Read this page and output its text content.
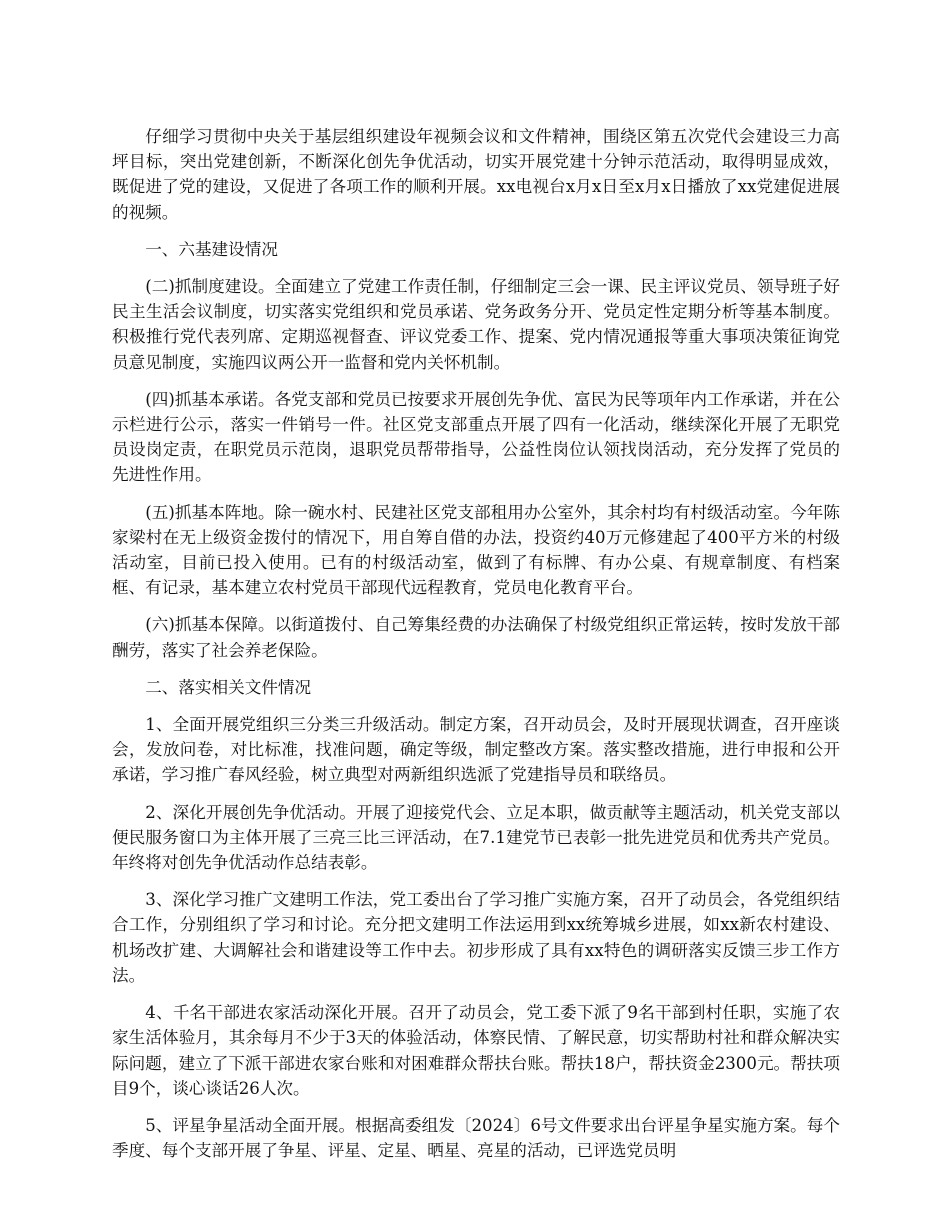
仔细学习贯彻中央关于基层组织建设年视频会议和文件精神，围绕区第五次党代会建设三力高坪目标，突出党建创新，不断深化创先争优活动，切实开展党建十分钟示范活动，取得明显成效，既促进了党的建设，又促进了各项工作的顺利开展。xx电视台x月x日至x月x日播放了xx党建促进展的视频。

一、六基建设情况

(二)抓制度建设。全面建立了党建工作责任制，仔细制定三会一课、民主评议党员、领导班子好民主生活会议制度，切实落实党组织和党员承诺、党务政务分开、党员定性定期分析等基本制度。积极推行党代表列席、定期巡视督查、评议党委工作、提案、党内情况通报等重大事项决策征询党员意见制度，实施四议两公开一监督和党内关怀机制。

(四)抓基本承诺。各党支部和党员已按要求开展创先争优、富民为民等项年内工作承诺，并在公示栏进行公示，落实一件销号一件。社区党支部重点开展了四有一化活动，继续深化开展了无职党员设岗定责，在职党员示范岗，退职党员帮带指导，公益性岗位认领找岗活动，充分发挥了党员的先进性作用。

(五)抓基本阵地。除一碗水村、民建社区党支部租用办公室外，其余村均有村级活动室。今年陈家梁村在无上级资金拨付的情况下，用自筹自借的办法，投资约40万元修建起了400平方米的村级活动室，目前已投入使用。已有的村级活动室，做到了有标牌、有办公桌、有规章制度、有档案框、有记录，基本建立农村党员干部现代远程教育，党员电化教育平台。

(六)抓基本保障。以街道拨付、自己筹集经费的办法确保了村级党组织正常运转，按时发放干部酬劳，落实了社会养老保险。

二、落实相关文件情况

1、全面开展党组织三分类三升级活动。制定方案，召开动员会，及时开展现状调查，召开座谈会，发放问卷，对比标准，找准问题，确定等级，制定整改方案。落实整改措施，进行申报和公开承诺，学习推广春风经验，树立典型对两新组织选派了党建指导员和联络员。

2、深化开展创先争优活动。开展了迎接党代会、立足本职，做贡献等主题活动，机关党支部以便民服务窗口为主体开展了三亮三比三评活动，在7.1建党节已表彰一批先进党员和优秀共产党员。年终将对创先争优活动作总结表彰。

3、深化学习推广文建明工作法，党工委出台了学习推广实施方案，召开了动员会，各党组织结合工作，分别组织了学习和讨论。充分把文建明工作法运用到xx统筹城乡进展，如xx新农村建设、机场改扩建、大调解社会和谐建设等工作中去。初步形成了具有xx特色的调研落实反馈三步工作方法。

4、千名干部进农家活动深化开展。召开了动员会，党工委下派了9名干部到村任职，实施了农家生活体验月，其余每月不少于3天的体验活动，体察民情、了解民意，切实帮助村社和群众解决实际问题，建立了下派干部进农家台账和对困难群众帮扶台账。帮扶18户，帮扶资金2300元。帮扶项目9个，谈心谈话26人次。

5、评星争星活动全面开展。根据高委组发〔2024〕6号文件要求出台评星争星实施方案。每个季度、每个支部开展了争星、评星、定星、晒星、亮星的活动，已评选党员明
